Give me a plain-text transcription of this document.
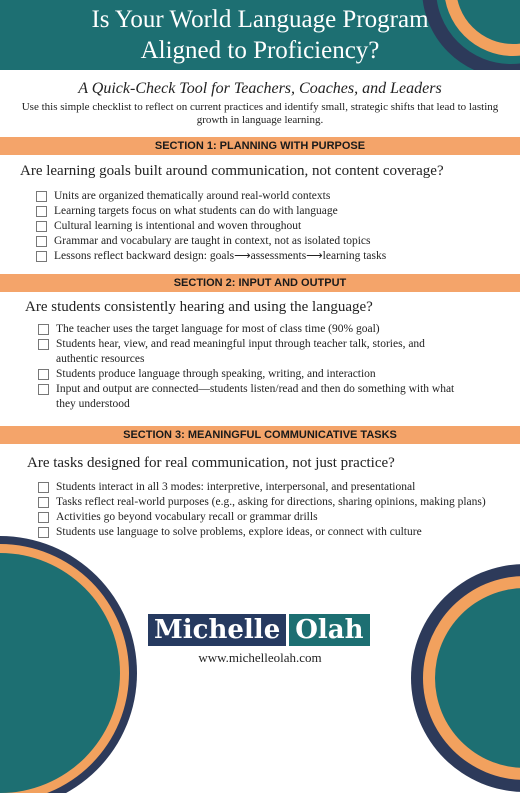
Is Your World Language Program
Aligned to Proficiency?
A Quick-Check Tool for Teachers, Coaches, and Leaders
Use this simple checklist to reflect on current practices and identify small, strategic shifts that lead to lasting growth in language learning.
SECTION 1: PLANNING WITH PURPOSE
Are learning goals built around communication, not content coverage?
Units are organized thematically around real-world contexts
Learning targets focus on what students can do with language
Cultural learning is intentional and woven throughout
Grammar and vocabulary are taught in context, not as isolated topics
Lessons reflect backward design: goals⟶assessments⟶learning tasks
SECTION 2: INPUT AND OUTPUT
Are students consistently hearing and using the language?
The teacher uses the target language for most of class time (90% goal)
Students hear, view, and read meaningful input through teacher talk, stories, and authentic resources
Students produce language through speaking, writing, and interaction
Input and output are connected—students listen/read and then do something with what they understood
SECTION 3: MEANINGFUL COMMUNICATIVE TASKS
Are tasks designed for real communication, not just practice?
Students interact in all 3 modes: interpretive, interpersonal, and presentational
Tasks reflect real-world purposes (e.g., asking for directions, sharing opinions, making plans)
Activities go beyond vocabulary recall or grammar drills
Students use language to solve problems, explore ideas, or connect with culture
Michelle Olah
www.michelleolah.com
